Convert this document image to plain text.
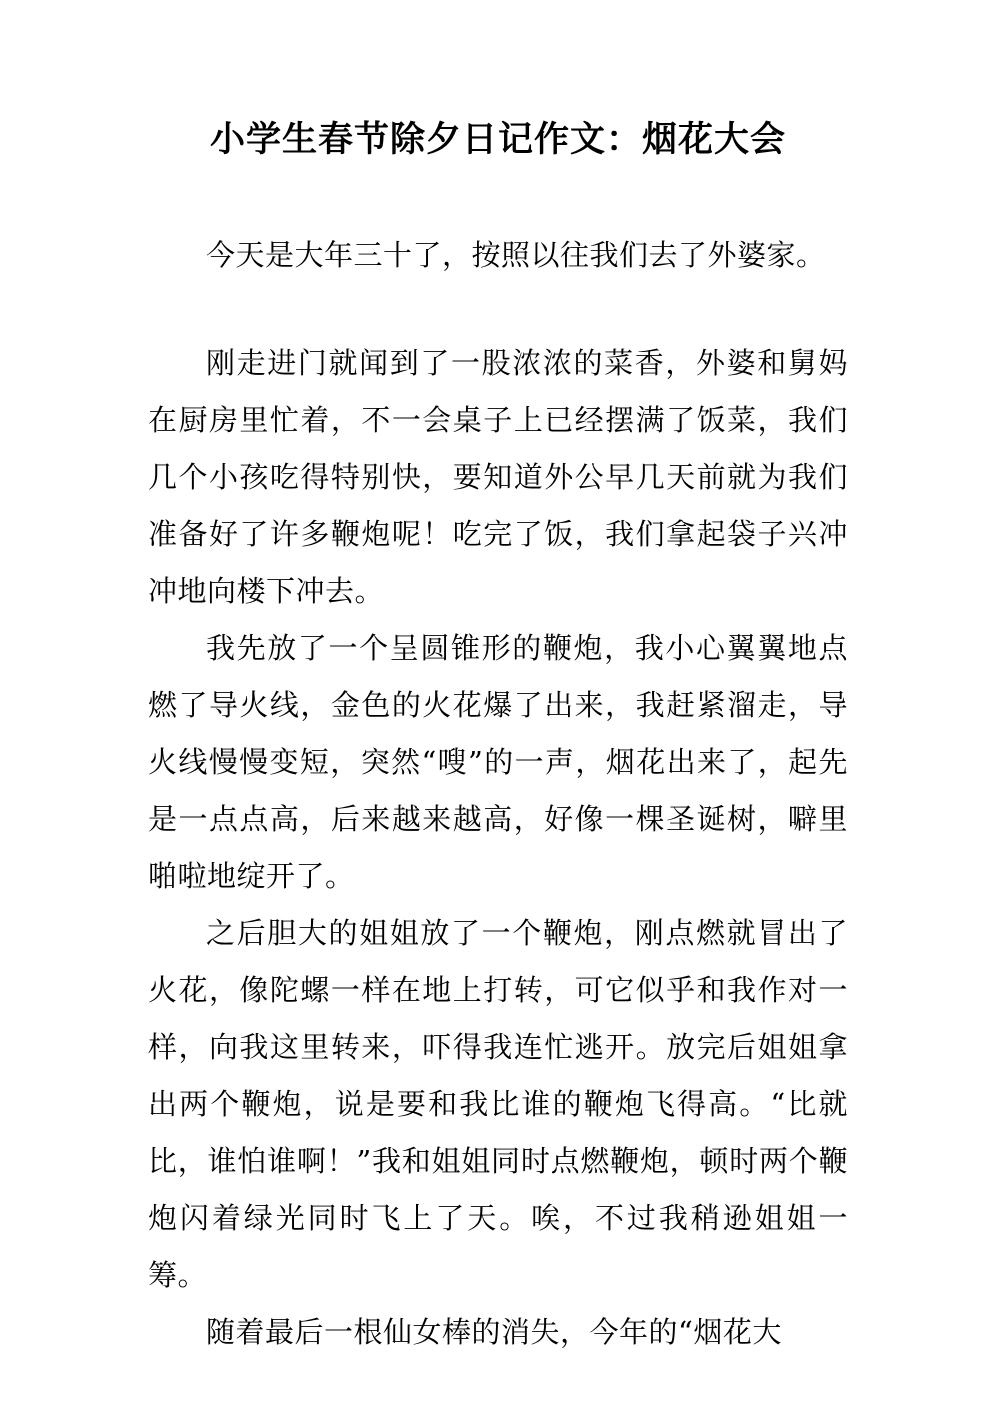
小学生春节除夕日记作文：烟花大会

今天是大年三十了，按照以往我们去了外婆家。

刚走进门就闻到了一股浓浓的菜香，外婆和舅妈在厨房里忙着，不一会桌子上已经摆满了饭菜，我们几个小孩吃得特别快，要知道外公早几天前就为我们准备好了许多鞭炮呢！吃完了饭，我们拿起袋子兴冲冲地向楼下冲去。

我先放了一个呈圆锥形的鞭炮，我小心翼翼地点燃了导火线，金色的火花爆了出来，我赶紧溜走，导火线慢慢变短，突然“嗖”的一声，烟花出来了，起先是一点点高，后来越来越高，好像一棵圣诞树，噼里啪啦地绽开了。

之后胆大的姐姐放了一个鞭炮，刚点燃就冒出了火花，像陀螺一样在地上打转，可它似乎和我作对一样，向我这里转来，吓得我连忙逃开。放完后姐姐拿出两个鞭炮，说是要和我比谁的鞭炮飞得高。“比就比，谁怕谁啊！”我和姐姐同时点燃鞭炮，顿时两个鞭炮闪着绿光同时飞上了天。唉，不过我稍逊姐姐一筹。

随着最后一根仙女棒的消失，今年的“烟花大
